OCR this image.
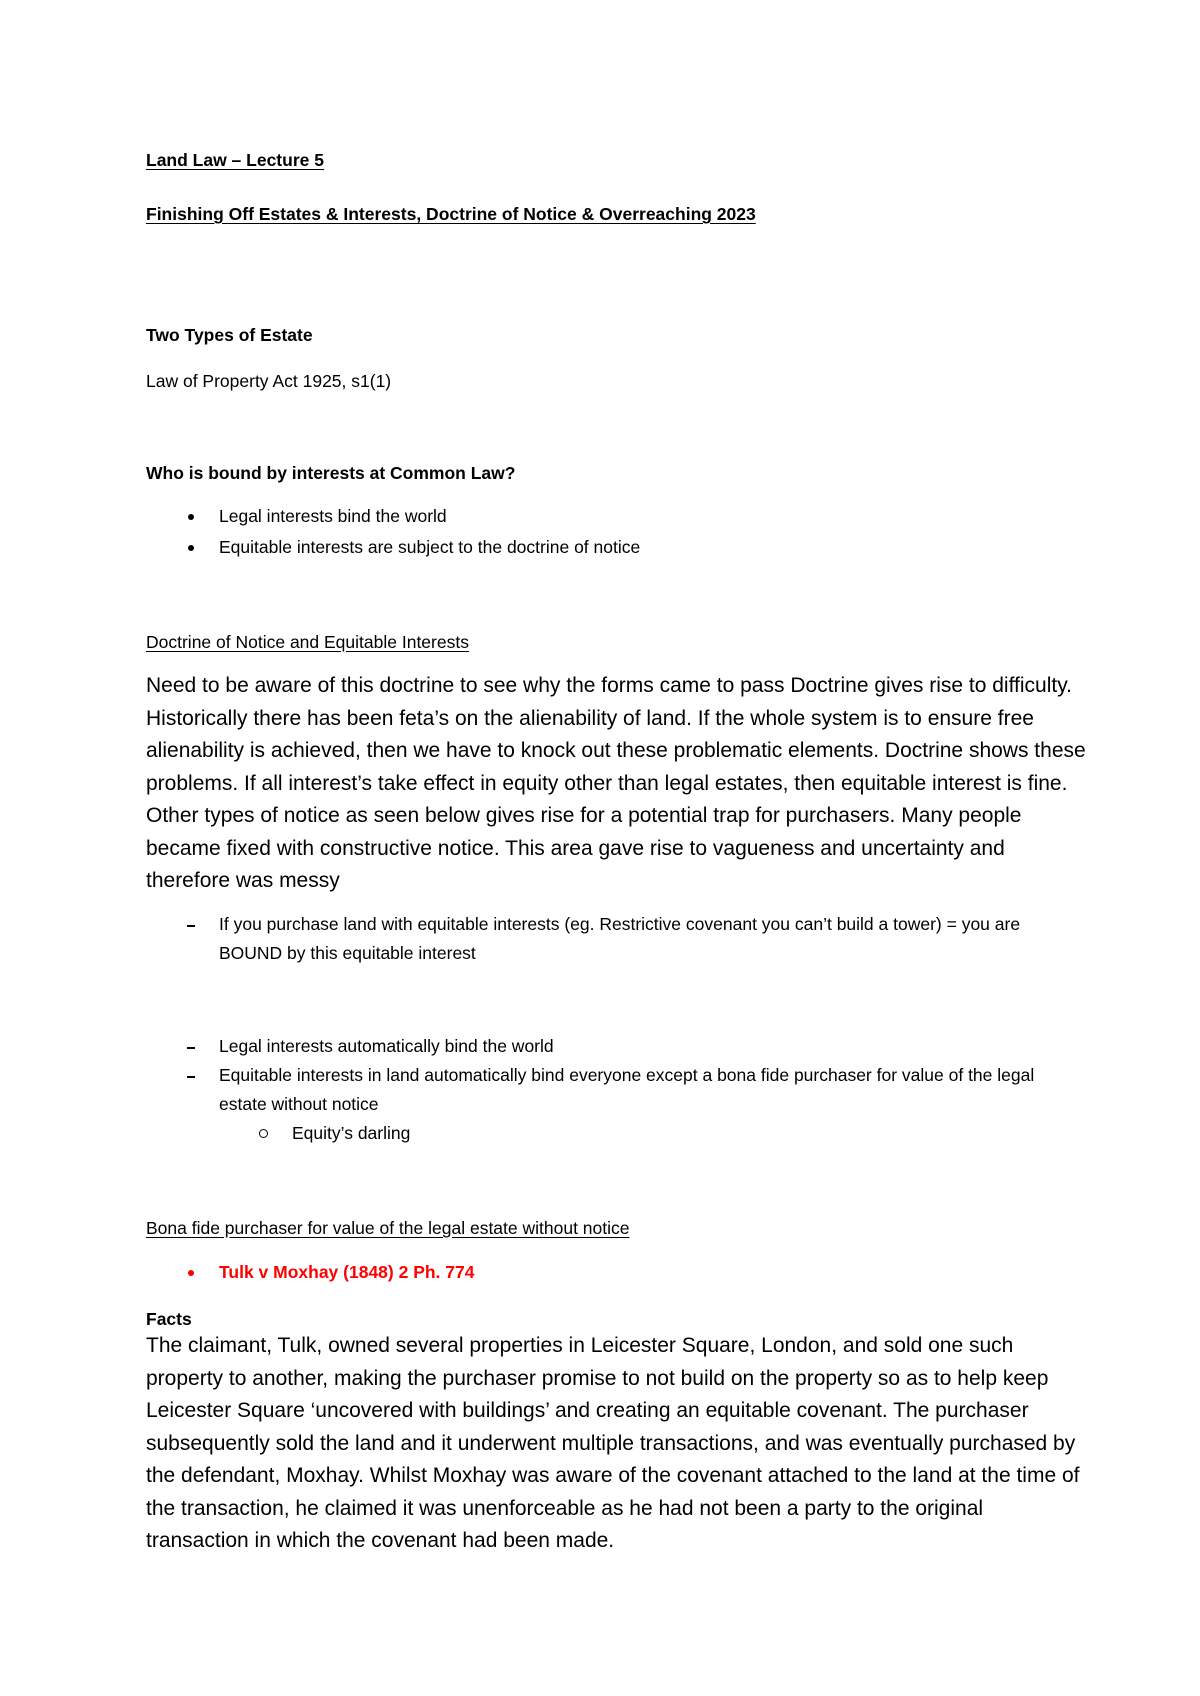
Land Law – Lecture 5

Finishing Off Estates & Interests, Doctrine of Notice & Overreaching 2023

Two Types of Estate

Law of Property Act 1925, s1(1)

Who is bound by interests at Common Law?

Legal interests bind the world
Equitable interests are subject to the doctrine of notice

Doctrine of Notice and Equitable Interests

Need to be aware of this doctrine to see why the forms came to pass Doctrine gives rise to difficulty. Historically there has been feta’s on the alienability of land. If the whole system is to ensure free alienability is achieved, then we have to knock out these problematic elements. Doctrine shows these problems. If all interest’s take effect in equity other than legal estates, then equitable interest is fine. Other types of notice as seen below gives rise for a potential trap for purchasers. Many people became fixed with constructive notice. This area gave rise to vagueness and uncertainty and therefore was messy

If you purchase land with equitable interests (eg. Restrictive covenant you can’t build a tower) = you are BOUND by this equitable interest
Legal interests automatically bind the world
Equitable interests in land automatically bind everyone except a bona fide purchaser for value of the legal estate without notice
Equity’s darling

Bona fide purchaser for value of the legal estate without notice

Tulk v Moxhay (1848) 2 Ph. 774

Facts

The claimant, Tulk, owned several properties in Leicester Square, London, and sold one such property to another, making the purchaser promise to not build on the property so as to help keep Leicester Square ‘uncovered with buildings’ and creating an equitable covenant. The purchaser subsequently sold the land and it underwent multiple transactions, and was eventually purchased by the defendant, Moxhay. Whilst Moxhay was aware of the covenant attached to the land at the time of the transaction, he claimed it was unenforceable as he had not been a party to the original transaction in which the covenant had been made.
